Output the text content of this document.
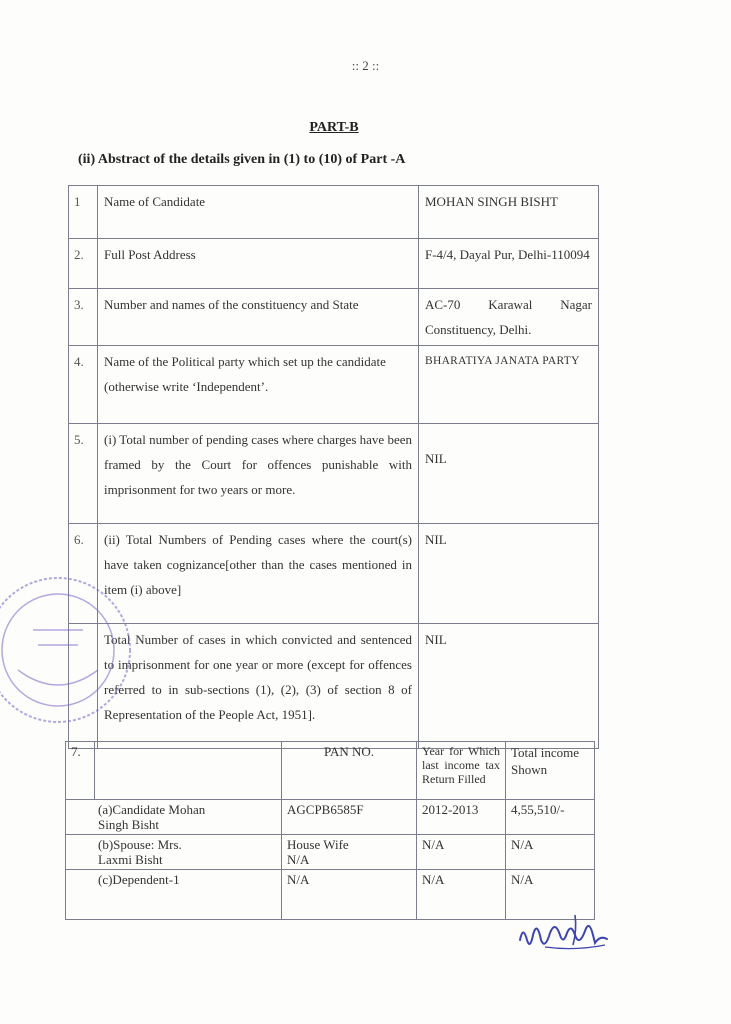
:: 2 ::
PART-B
(ii) Abstract of the details given in (1) to (10) of Part -A
1	Name of Candidate	MOHAN SINGH BISHT
2.	Full Post Address	F-4/4, Dayal Pur, Delhi-110094
3.	Number and names of the constituency and State	AC-70 Karawal Nagar Constituency, Delhi.
4.	Name of the Political party which set up the candidate (otherwise write ‘Independent’.	BHARATIYA JANATA PARTY
5.	(i) Total number of pending cases where charges have been framed by the Court for offences punishable with imprisonment for two years or more.	NIL
6.	(ii) Total Numbers of Pending cases where the court(s) have taken cognizance[other than the cases mentioned in item (i) above]	NIL
	Total Number of cases in which convicted and sentenced to imprisonment for one year or more (except for offences referred to in sub-sections (1), (2), (3) of section 8 of Representation of the People Act, 1951].	NIL
7.		PAN NO.	Year for Which last income tax Return Filled	Total income Shown
(a)Candidate Mohan Singh Bisht		AGCPB6585F	2012-2013	4,55,510/-
(b)Spouse: Mrs. Laxmi Bisht		House Wife N/A	N/A	N/A
(c)Dependent-1		N/A	N/A	N/A
